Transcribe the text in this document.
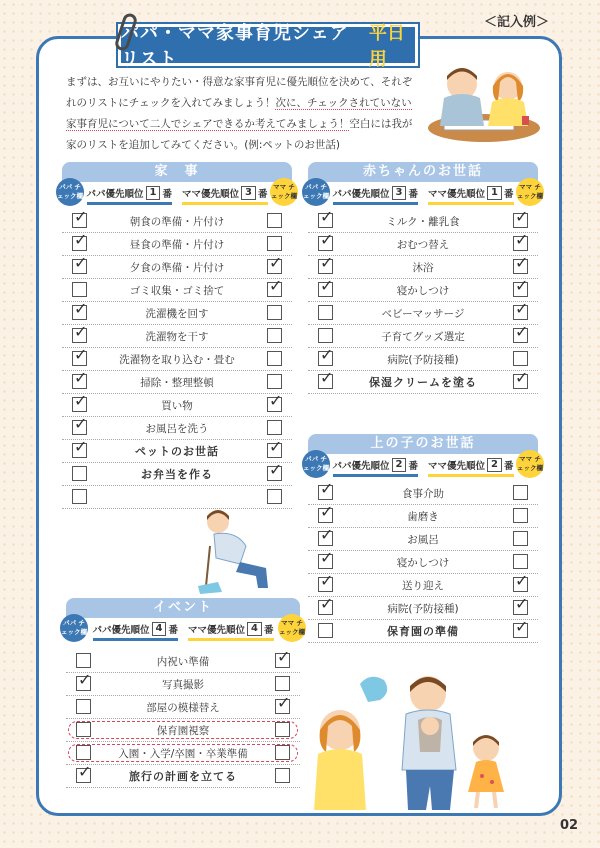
＜記入例＞
パパ・ママ家事育児シェアリスト
平日用
まずは、お互いにやりたい・得意な家事育児に優先順位を決めて、それぞれのリストにチェックを入れてみましょう！次に、チェックされていない家事育児について二人でシェアできるか考えてみましょう！空白には我が家のリストを追加してみてください。(例:ペットのお世話)
家　事
パパ チェック欄 パパ優先順位 1 番 ママ優先順位 3 番
ママ チェック欄
✓	朝食の準備・片付け
✓	昼食の準備・片付け
✓	夕食の準備・片付け	✓
ゴミ収集・ゴミ捨て	✓
✓	洗濯機を回す
✓	洗濯物を干す
✓	洗濯物を取り込む・畳む
✓	掃除・整理整頓
✓	買い物	✓
✓	お風呂を洗う
✓	ペットのお世話	✓
お弁当を作る	✓
赤ちゃんのお世話
パパ チェック欄 パパ優先順位 3 番 ママ優先順位 1 番
ママ チェック欄
✓	ミルク・離乳食	✓
✓	おむつ替え	✓
✓	沐浴	✓
✓	寝かしつけ	✓
ベビーマッサージ	✓
子育てグッズ選定	✓
✓	病院(予防接種)
✓	保湿クリームを塗る ✓
上の子のお世話
パパ チェック欄 パパ優先順位 2 番 ママ優先順位 2 番
ママ チェック欄
✓	食事介助
✓	歯磨き
✓	お風呂
✓	寝かしつけ
✓	送り迎え	✓
✓	病院(予防接種)	✓
保育園の準備	✓
イベント
パパ チェック欄 パパ優先順位 4 番 ママ優先順位 4 番
ママ チェック欄
内祝い準備	✓
✓	写真撮影
部屋の模様替え	✓
保育園視察
入園・入学/卒園・卒業準備
✓	旅行の計画を立てる
02
